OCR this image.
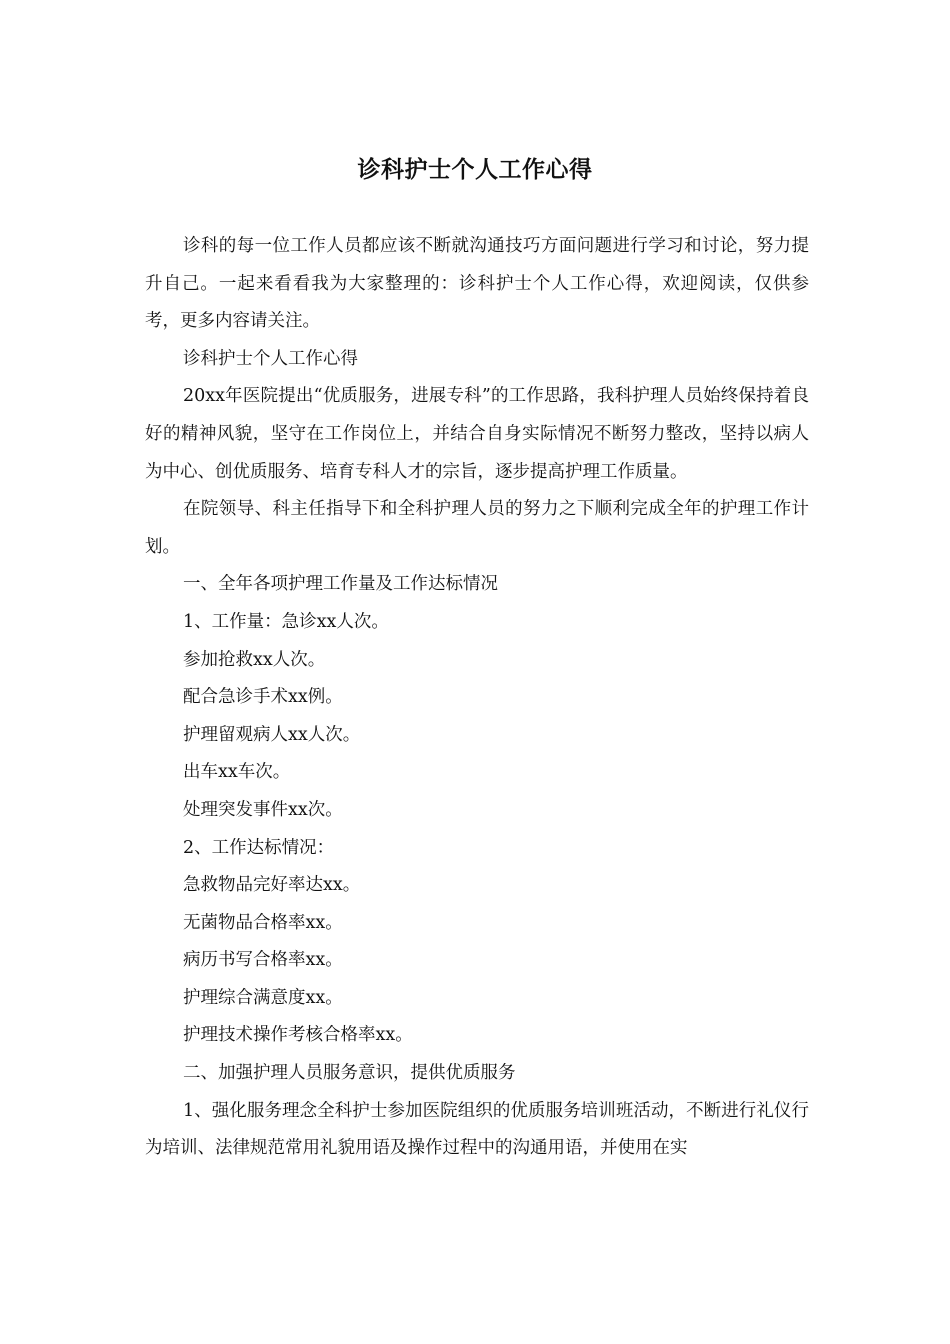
诊科护士个人工作心得

诊科的每一位工作人员都应该不断就沟通技巧方面问题进行学习和讨论，努力提升自己。一起来看看我为大家整理的：诊科护士个人工作心得，欢迎阅读，仅供参考，更多内容请关注。

诊科护士个人工作心得

20xx年医院提出“优质服务，进展专科”的工作思路，我科护理人员始终保持着良好的精神风貌，坚守在工作岗位上，并结合自身实际情况不断努力整改，坚持以病人为中心、创优质服务、培育专科人才的宗旨，逐步提高护理工作质量。

在院领导、科主任指导下和全科护理人员的努力之下顺利完成全年的护理工作计划。

一、全年各项护理工作量及工作达标情况

1、工作量：急诊xx人次。

参加抢救xx人次。

配合急诊手术xx例。

护理留观病人xx人次。

出车xx车次。

处理突发事件xx次。

2、工作达标情况：

急救物品完好率达xx。

无菌物品合格率xx。

病历书写合格率xx。

护理综合满意度xx。

护理技术操作考核合格率xx。

二、加强护理人员服务意识，提供优质服务

1、强化服务理念全科护士参加医院组织的优质服务培训班活动，不断进行礼仪行为培训、法律规范常用礼貌用语及操作过程中的沟通用语，并使用在实
